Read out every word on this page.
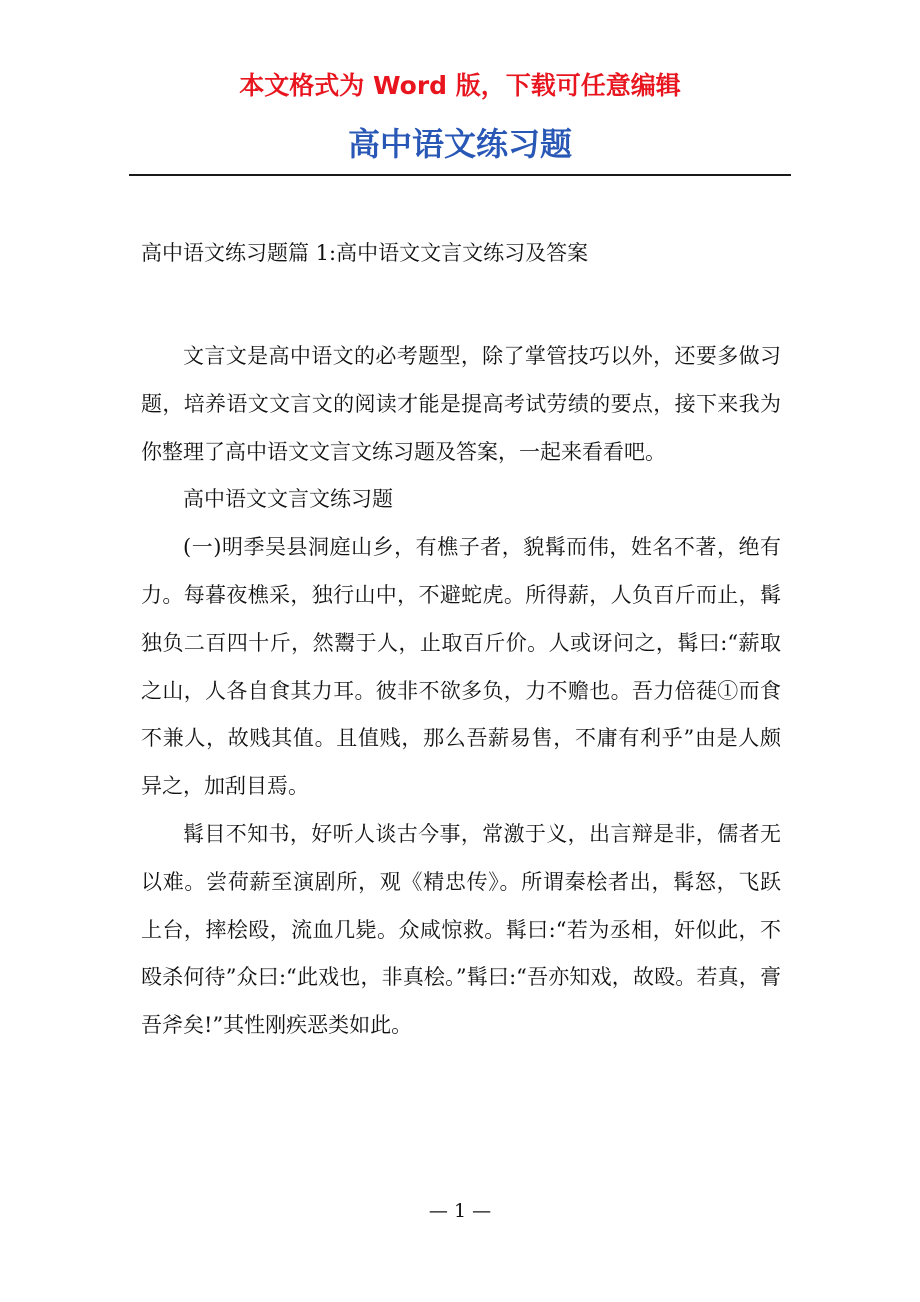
本文格式为 Word 版，下载可任意编辑
高中语文练习题
高中语文练习题篇 1:高中语文文言文练习及答案

文言文是高中语文的必考题型，除了掌管技巧以外，还要多做习题，培养语文文言文的阅读才能是提高考试劳绩的要点，接下来我为你整理了高中语文文言文练习题及答案，一起来看看吧。

高中语文文言文练习题

(一)明季吴县洞庭山乡，有樵子者，貌髯而伟，姓名不著，绝有力。每暮夜樵采，独行山中，不避蛇虎。所得薪，人负百斤而止，髯独负二百四十斤，然鬻于人，止取百斤价。人或讶问之，髯曰:“薪取之山，人各自食其力耳。彼非不欲多负，力不赡也。吾力倍蓰①而食不兼人，故贱其值。且值贱，那么吾薪易售，不庸有利乎”由是人颇异之，加刮目焉。

髯目不知书，好听人谈古今事，常激于义，出言辩是非，儒者无以难。尝荷薪至演剧所，观《精忠传》。所谓秦桧者出，髯怒，飞跃上台，摔桧殴，流血几毙。众咸惊救。髯曰:“若为丞相，奸似此，不殴杀何待”众曰:“此戏也，非真桧。”髯曰:“吾亦知戏，故殴。若真，膏吾斧矣!”其性刚疾恶类如此。

— 1 —
